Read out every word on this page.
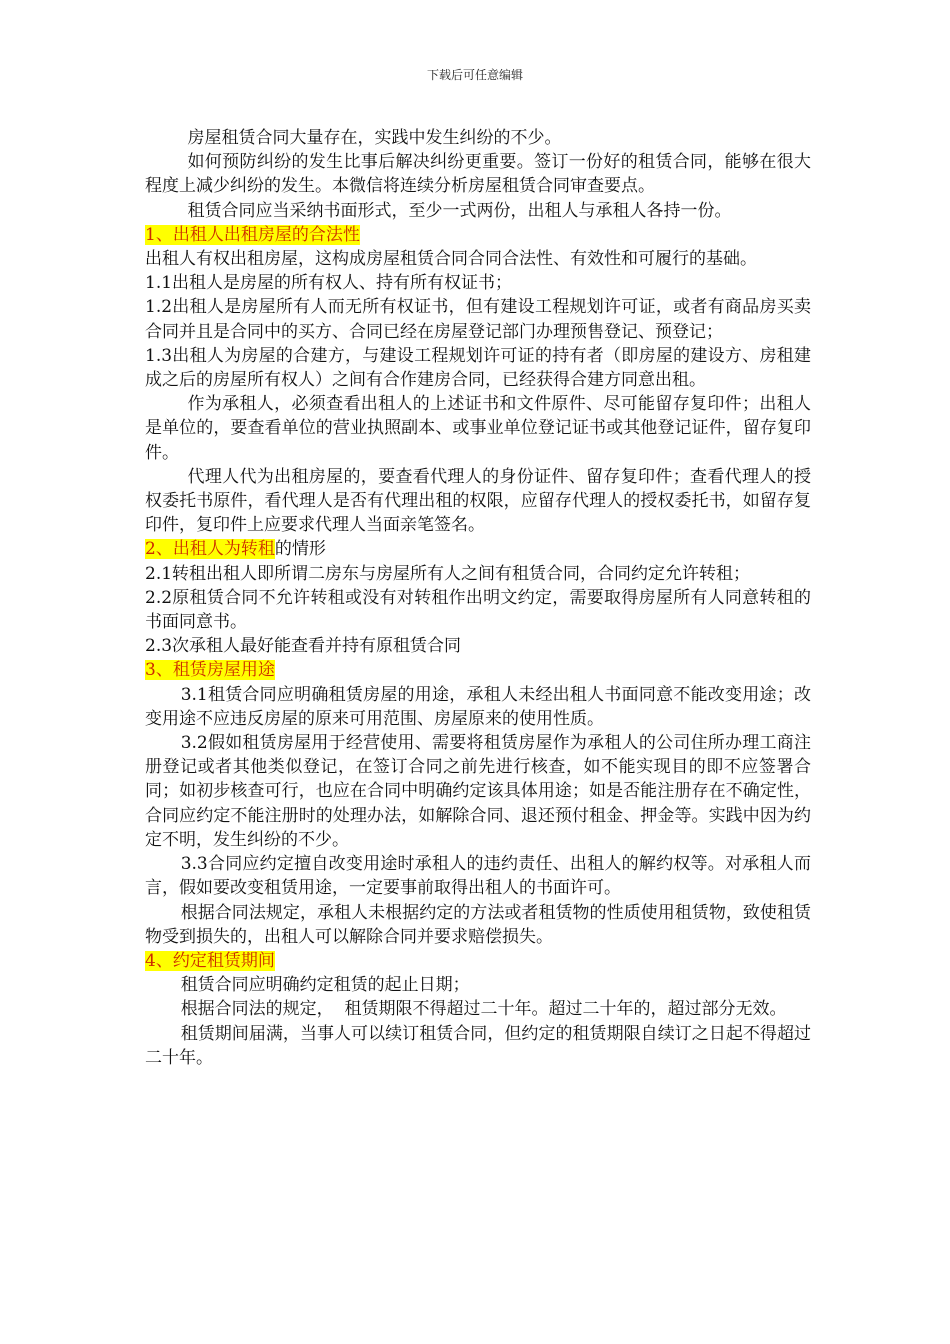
下载后可任意编辑

房屋租赁合同大量存在，实践中发生纠纷的不少。

如何预防纠纷的发生比事后解决纠纷更重要。签订一份好的租赁合同，能够在很大程度上减少纠纷的发生。本微信将连续分析房屋租赁合同审查要点。

租赁合同应当采纳书面形式，至少一式两份，出租人与承租人各持一份。

1、出租人出租房屋的合法性

出租人有权出租房屋，这构成房屋租赁合同合同合法性、有效性和可履行的基础。

1.1出租人是房屋的所有权人、持有所有权证书；

1.2出租人是房屋所有人而无所有权证书，但有建设工程规划许可证，或者有商品房买卖合同并且是合同中的买方、合同已经在房屋登记部门办理预售登记、预登记；

1.3出租人为房屋的合建方，与建设工程规划许可证的持有者（即房屋的建设方、房租建成之后的房屋所有权人）之间有合作建房合同，已经获得合建方同意出租。

作为承租人，必须查看出租人的上述证书和文件原件、尽可能留存复印件；出租人是单位的，要查看单位的营业执照副本、或事业单位登记证书或其他登记证件，留存复印件。

代理人代为出租房屋的，要查看代理人的身份证件、留存复印件；查看代理人的授权委托书原件，看代理人是否有代理出租的权限，应留存代理人的授权委托书，如留存复印件，复印件上应要求代理人当面亲笔签名。

2、出租人为转租的情形

2.1转租出租人即所谓二房东与房屋所有人之间有租赁合同，合同约定允许转租；

2.2原租赁合同不允许转租或没有对转租作出明文约定，需要取得房屋所有人同意转租的书面同意书。

2.3次承租人最好能查看并持有原租赁合同

3、租赁房屋用途

3.1租赁合同应明确租赁房屋的用途，承租人未经出租人书面同意不能改变用途；改变用途不应违反房屋的原来可用范围、房屋原来的使用性质。

3.2假如租赁房屋用于经营使用、需要将租赁房屋作为承租人的公司住所办理工商注册登记或者其他类似登记，在签订合同之前先进行核查，如不能实现目的即不应签署合同；如初步核查可行，也应在合同中明确约定该具体用途；如是否能注册存在不确定性，合同应约定不能注册时的处理办法，如解除合同、退还预付租金、押金等。实践中因为约定不明，发生纠纷的不少。

3.3合同应约定擅自改变用途时承租人的违约责任、出租人的解约权等。对承租人而言，假如要改变租赁用途，一定要事前取得出租人的书面许可。

根据合同法规定，承租人未根据约定的方法或者租赁物的性质使用租赁物，致使租赁物受到损失的，出租人可以解除合同并要求赔偿损失。

4、约定租赁期间

租赁合同应明确约定租赁的起止日期；

根据合同法的规定，  租赁期限不得超过二十年。超过二十年的，超过部分无效。

租赁期间届满，当事人可以续订租赁合同，但约定的租赁期限自续订之日起不得超过二十年。
